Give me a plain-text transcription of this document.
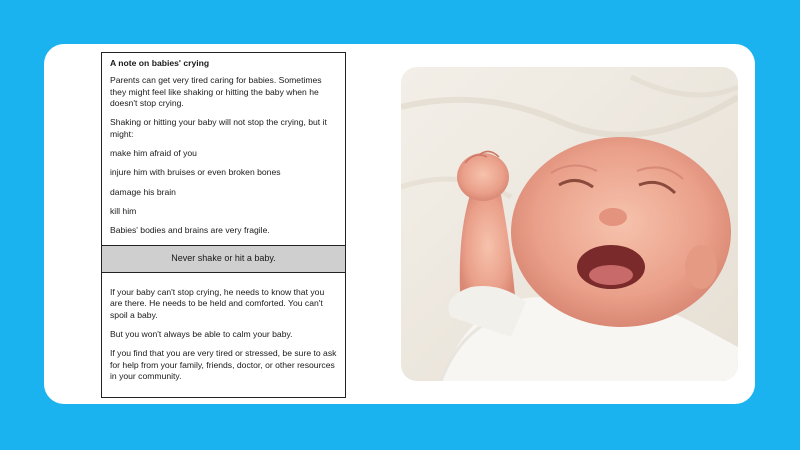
A note on babies' crying

Parents can get very tired caring for babies. Sometimes they might feel like shaking or hitting the baby when he doesn't stop crying.

Shaking or hitting your baby will not stop the crying, but it might:

make him afraid of you

injure him with bruises or even broken bones

damage his brain

kill him

Babies' bodies and brains are very fragile.

Never shake or hit a baby.

If your baby can't stop crying, he needs to know that you are there. He needs to be held and comforted. You can't spoil a baby.

But you won't always be able to calm your baby.

If you find that you are very tired or stressed, be sure to ask for help from your family, friends, doctor, or other resources in your community.
